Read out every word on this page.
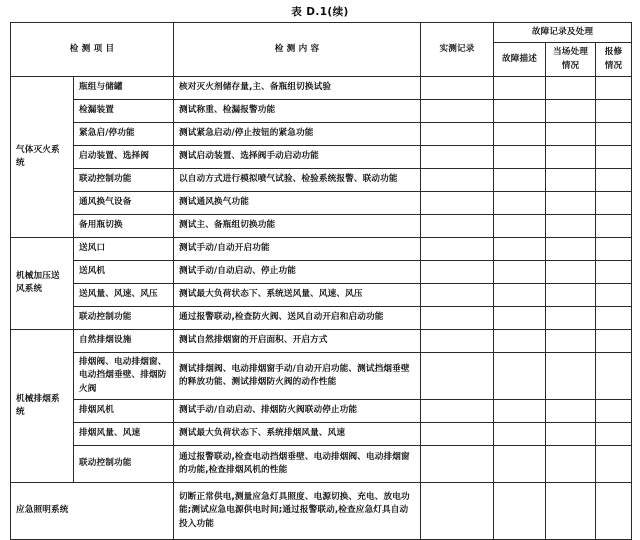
表 D.1(续)
检 测 项 目		检 测 内 容	实测记录	故障记录及处理		
				故障描述	当场处理情况	报修情况
气体灭火系统	瓶组与储罐	核对灭火剂储存量,主、备瓶组切换试验				
	检漏装置	测试称重、检漏报警功能				
	紧急启/停功能	测试紧急启动/停止按钮的紧急功能				
	启动装置、选择阀	测试启动装置、选择阀手动启动功能				
	联动控制功能	以自动方式进行模拟喷气试验、检验系统报警、联动功能				
	通风换气设备	测试通风换气功能				
	备用瓶切换	测试主、备瓶组切换功能				
机械加压送风系统	送风口	测试手动/自动开启功能				
	送风机	测试手动/自动启动、停止功能				
	送风量、风速、风压	测试最大负荷状态下、系统送风量、风速、风压				
	联动控制功能	通过报警联动,检查防火阀、送风自动开启和启动功能				
机械排烟系统	自然排烟设施	测试自然排烟窗的开启面积、开启方式				
	排烟阀、电动排烟窗、电动挡烟垂壁、排烟防火阀	测试排烟阀、电动排烟窗手动/自动开启功能、测试挡烟垂壁的释放功能、测试排烟防火阀的动作性能				
	排烟风机	测试手动/自动启动、排烟防火阀联动停止功能				
	排烟风量、风速	测试最大负荷状态下、系统排烟风量、风速				
	联动控制功能	通过报警联动,检查电动挡烟垂壁、电动排烟阀、电动排烟窗的功能,检查排烟风机的性能				
应急照明系统		切断正常供电,测量应急灯具照度、电源切换、充电、放电功能;测试应急电源供电时间;通过报警联动,检查应急灯具自动投入功能				
